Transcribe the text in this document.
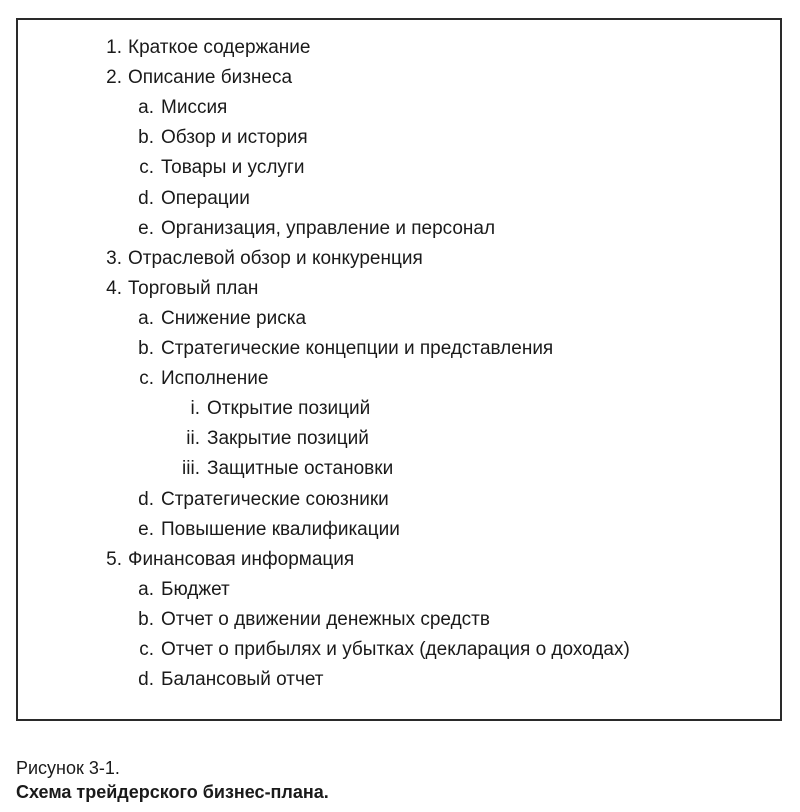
1. Краткое содержание
2. Описание бизнеса
a. Миссия
b. Обзор и история
c. Товары и услуги
d. Операции
e. Организация, управление и персонал
3. Отраслевой обзор и конкуренция
4. Торговый план
a. Снижение риска
b. Стратегические концепции и представления
c. Исполнение
i. Открытие позиций
ii. Закрытие позиций
iii. Защитные остановки
d. Стратегические союзники
e. Повышение квалификации
5. Финансовая информация
a. Бюджет
b. Отчет о движении денежных средств
c. Отчет о прибылях и убытках (декларация о доходах)
d. Балансовый отчет
Рисунок 3-1.
Схема трейдерского бизнес-плана.
